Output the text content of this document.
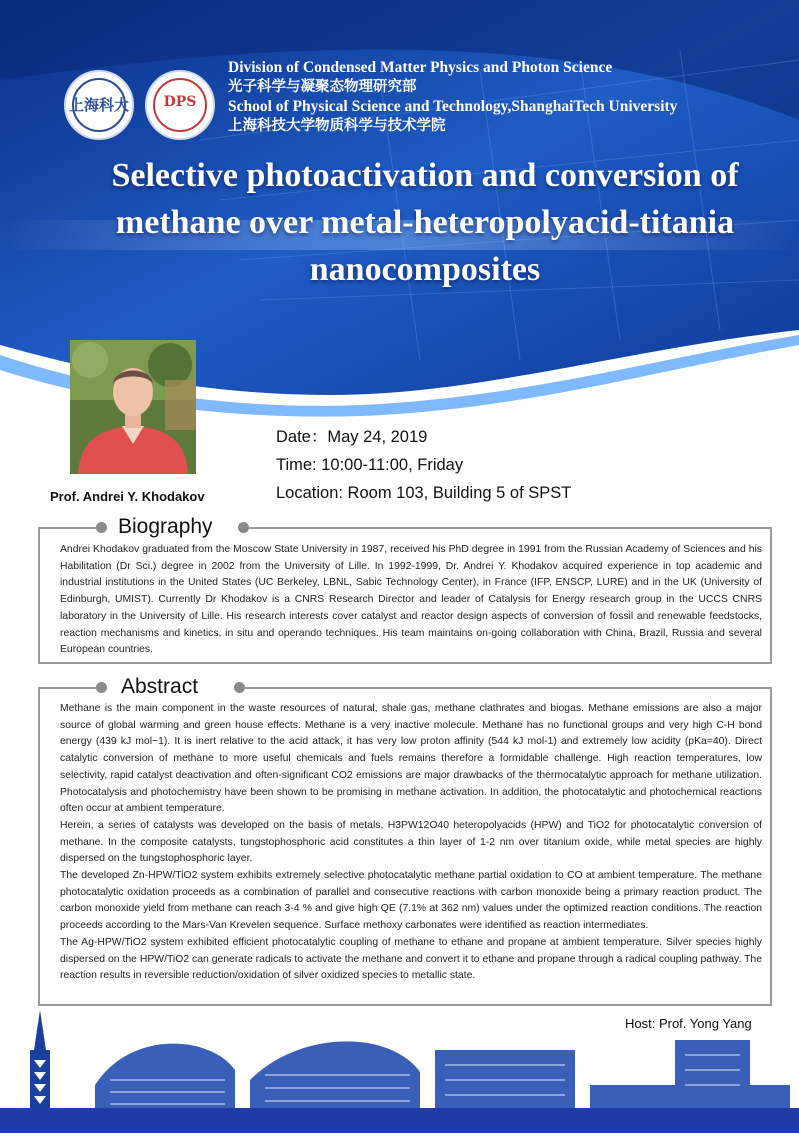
上海科大	DPS
Division of Condensed Matter Physics and Photon Science
光子科学与凝聚态物理研究部
School of Physical Science and Technology,ShanghaiTech University
上海科技大学物质科学与技术学院
Selective photoactivation and conversion of
methane over metal-heteropolyacid-titania
nanocomposites
Prof. Andrei Y. Khodakov
Date：May 24, 2019
Time: 10:00-11:00, Friday
Location: Room 103, Building 5 of SPST
Biography
Andrei Khodakov graduated from the Moscow State University in 1987, received his PhD degree in 1991 from the Russian Academy of Sciences and his Habilitation (Dr Sci.) degree in 2002 from the University of Lille. In 1992-1999, Dr. Andrei Y. Khodakov acquired experience in top academic and industrial institutions in the United States (UC Berkeley, LBNL, Sabic Technology Center), in France (IFP, ENSCP, LURE) and in the UK (University of Edinburgh, UMIST). Currently Dr Khodakov is a CNRS Research Director and leader of Catalysis for Energy research group in the UCCS CNRS laboratory in the University of Lille. His research interests cover catalyst and reactor design aspects of conversion of fossil and renewable feedstocks, reaction mechanisms and kinetics, in situ and operando techniques. His team maintains on-going collaboration with China, Brazil, Russia and several European countries.
Abstract
Methane is the main component in the waste resources of natural, shale gas, methane clathrates and biogas. Methane emissions are also a major source of global warming and green house effects. Methane is a very inactive molecule. Methane has no functional groups and very high C-H bond energy (439 kJ mol−1). It is inert relative to the acid attack, it has very low proton affinity (544 kJ mol-1) and extremely low acidity (pKa=40). Direct catalytic conversion of methane to more useful chemicals and fuels remains therefore a formidable challenge. High reaction temperatures, low selectivity, rapid catalyst deactivation and often-significant CO2 emissions are major drawbacks of the thermocatalytic approach for methane utilization. Photocatalysis and photochemistry have been shown to be promising in methane activation. In addition, the photocatalytic and photochemical reactions often occur at ambient temperature.
Herein, a series of catalysts was developed on the basis of metals, H3PW12O40 heteropolyacids (HPW) and TiO2 for photocatalytic conversion of methane. In the composite catalysts, tungstophosphoric acid constitutes a thin layer of 1-2 nm over titanium oxide, while metal species are highly dispersed on the tungstophosphoric layer.
The developed Zn-HPW/TiO2 system exhibits extremely selective photocatalytic methane partial oxidation to CO at ambient temperature. The methane photocatalytic oxidation proceeds as a combination of parallel and consecutive reactions with carbon monoxide being a primary reaction product. The carbon monoxide yield from methane can reach 3-4 % and give high QE (7.1% at 362 nm) values under the optimized reaction conditions. The reaction proceeds according to the Mars-Van Krevelen sequence. Surface methoxy carbonates were identified as reaction intermediates.
The Ag-HPW/TiO2 system exhibited efficient photocatalytic coupling of methane to ethane and propane at ambient temperature. Silver species highly dispersed on the HPW/TiO2 can generate radicals to activate the methane and convert it to ethane and propane through a radical coupling pathway. The reaction results in reversible reduction/oxidation of silver oxidized species to metallic state.
Host: Prof. Yong Yang
